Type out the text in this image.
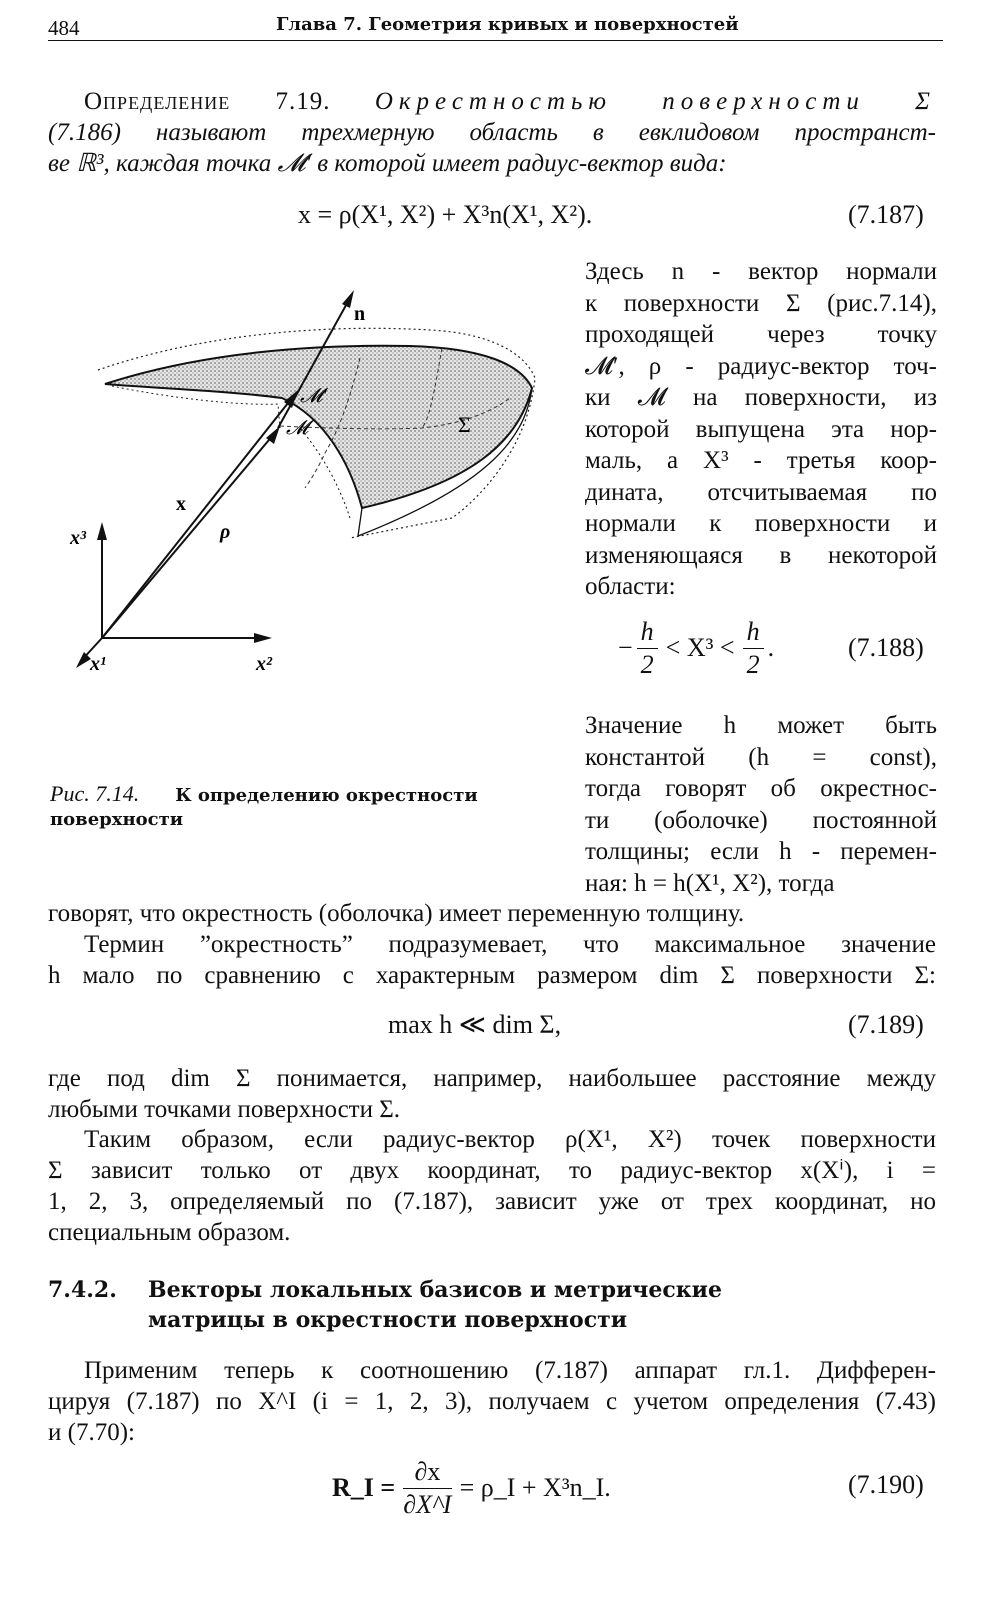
484	Глава 7. Геометрия кривых и поверхностей
Определение 7.19. Окрестностью поверхности Σ
(7.186) называют трехмерную область в евклидовом пространст-
ве ℝ³, каждая точка 𝓜′ в которой имеет радиус-вектор вида:
x = ρ(X¹, X²) + X³n(X¹, X²).	(7.187)
Здесь n - вектор нормали
к поверхности Σ (рис.7.14),
проходящей через точку
𝓜′, ρ - радиус-вектор точ-
ки 𝓜 на поверхности, из
которой выпущена эта нор-
маль, а X³ - третья коор-
дината, отсчитываемая по
нормали к поверхности и
изменяющаяся в некоторой
области:
− $\frac{h}{2} < X^3 < \frac{h}{2}$ .	(7.188)
Значение h может быть
константой (h = const),
тогда говорят об окрестнос-
ти (оболочке) постоянной
толщины; если h - перемен-
ная: h = h(X¹, X²), тогда
n
𝓜′
𝓜	Σ
x
ρ
x³
x¹	x²
Рис. 7.14. К определению окрестности поверхности
говорят, что окрестность (оболочка) имеет переменную толщину.
Термин ”окрестность” подразумевает, что максимальное значение
h мало по сравнению с характерным размером dim Σ поверхности Σ:
max h ≪ dim Σ,	(7.189)
где под dim Σ понимается, например, наибольшее расстояние между
любыми точками поверхности Σ.
Таким образом, если радиус-вектор ρ(X¹, X²) точек поверхности
Σ зависит только от двух координат, то радиус-вектор x(Xⁱ), i =
1, 2, 3, определяемый по (7.187), зависит уже от трех координат, но
специальным образом.
7.4.2. Векторы локальных базисов и метрические
матрицы в окрестности поверхности
Применим теперь к соотношению (7.187) аппарат гл.1. Дифферен-
цируя (7.187) по X^I (i = 1, 2, 3), получаем с учетом определения (7.43)
и (7.70):
R_I = $\frac{\partial x}{\partial X\^{}I}$ = ρ_I + X³n_I.	(7.190)
